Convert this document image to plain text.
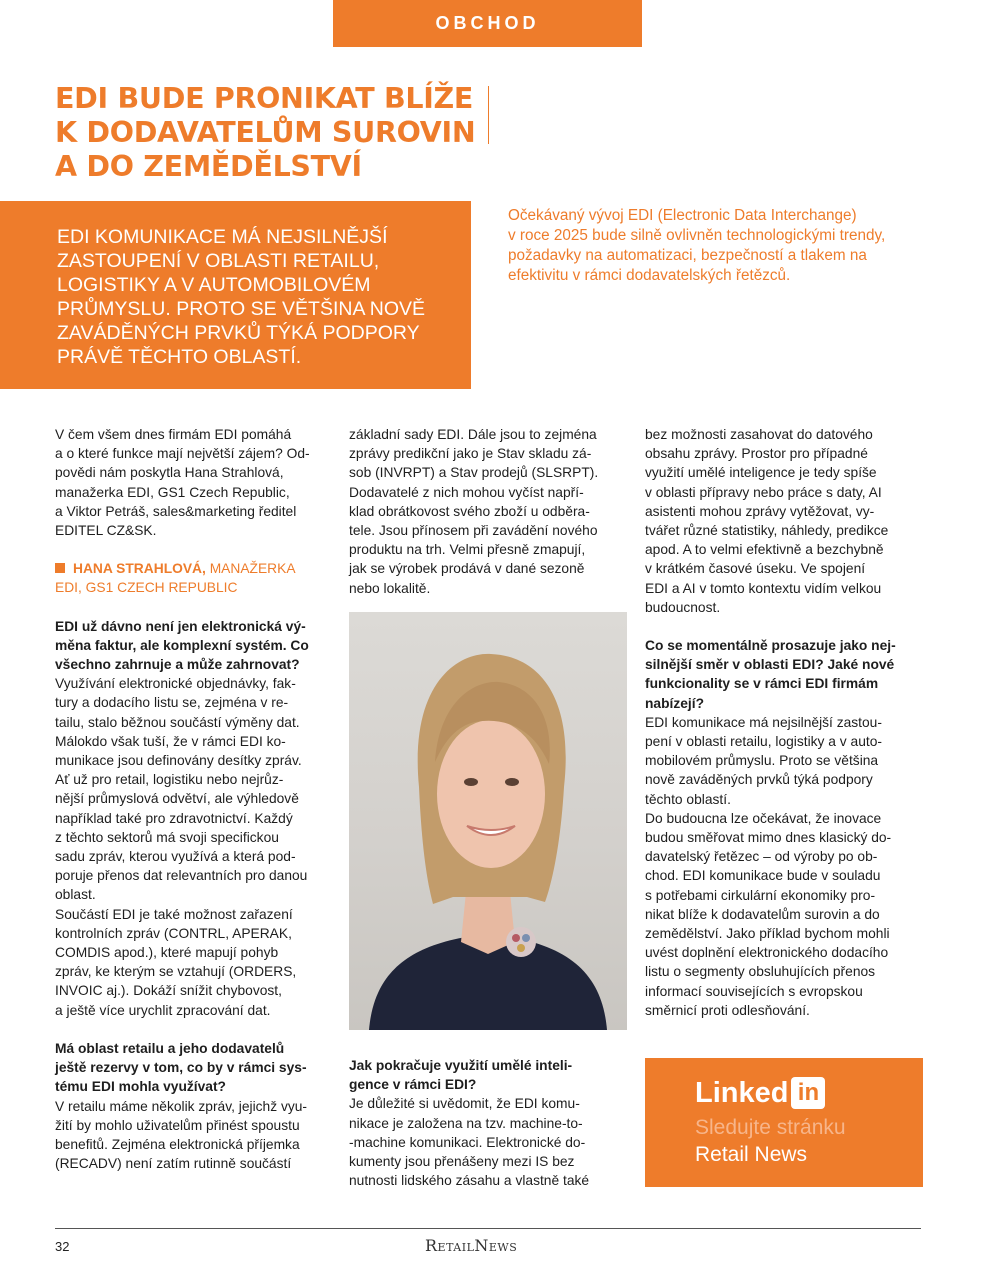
OBCHOD
EDI BUDE PRONIKAT BLÍŽE
K DODAVATELŮM SUROVIN
A DO ZEMĚDĚLSTVÍ
EDI KOMUNIKACE MÁ NEJSILNĚJŠÍ
ZASTOUPENÍ V OBLASTI RETAILU,
LOGISTIKY A V AUTOMOBILOVÉM
PRŮMYSLU. PROTO SE VĚTŠINA NOVĚ
ZAVÁDĚNÝCH PRVKŮ TÝKÁ PODPORY
PRÁVĚ TĚCHTO OBLASTÍ.
Očekávaný vývoj EDI (Electronic Data Interchange)
v roce 2025 bude silně ovlivněn technologickými trendy,
požadavky na automatizaci, bezpečností a tlakem na
efektivitu v rámci dodavatelských řetězců.
V čem všem dnes firmám EDI pomáhá
a o které funkce mají největší zájem? Od-
povědi nám poskytla Hana Strahlová,
manažerka EDI, GS1 Czech Republic,
a Viktor Petráš, sales&marketing ředitel
EDITEL CZ&SK.
HANA STRAHLOVÁ, MANAŽERKA
EDI, GS1 CZECH REPUBLIC
EDI už dávno není jen elektronická vý-
měna faktur, ale komplexní systém. Co
všechno zahrnuje a může zahrnovat?
Využívání elektronické objednávky, fak-
tury a dodacího listu se, zejména v re-
tailu, stalo běžnou součástí výměny dat.
Málokdo však tuší, že v rámci EDI ko-
munikace jsou definovány desítky zpráv.
Ať už pro retail, logistiku nebo nejrůz-
nější průmyslová odvětví, ale výhledově
například také pro zdravotnictví. Každý
z těchto sektorů má svoji specifickou
sadu zpráv, kterou využívá a která pod-
poruje přenos dat relevantních pro danou
oblast.
Součástí EDI je také možnost zařazení
kontrolních zpráv (CONTRL, APERAK,
COMDIS apod.), které mapují pohyb
zpráv, ke kterým se vztahují (ORDERS,
INVOIC aj.). Dokáží snížit chybovost,
a ještě více urychlit zpracování dat.
Má oblast retailu a jeho dodavatelů
ještě rezervy v tom, co by v rámci sys-
tému EDI mohla využívat?
V retailu máme několik zpráv, jejichž vyu-
žití by mohlo uživatelům přinést spoustu
benefitů. Zejména elektronická příjemka
(RECADV) není zatím rutinně součástí
základní sady EDI. Dále jsou to zejména
zprávy predikční jako je Stav skladu zá-
sob (INVRPT) a Stav prodejů (SLSRPT).
Dodavatelé z nich mohou vyčíst napří-
klad obrátkovost svého zboží u odběra-
tele. Jsou přínosem při zavádění nového
produktu na trh. Velmi přesně zmapují,
jak se výrobek prodává v dané sezoně
nebo lokalitě.
Jak pokračuje využití umělé inteli-
gence v rámci EDI?
Je důležité si uvědomit, že EDI komu-
nikace je založena na tzv. machine-to-
-machine komunikaci. Elektronické do-
kumenty jsou přenášeny mezi IS bez
nutnosti lidského zásahu a vlastně také
bez možnosti zasahovat do datového
obsahu zprávy. Prostor pro případné
využití umělé inteligence je tedy spíše
v oblasti přípravy nebo práce s daty, AI
asistenti mohou zprávy vytěžovat, vy-
tvářet různé statistiky, náhledy, predikce
apod. A to velmi efektivně a bezchybně
v krátkém časové úseku. Ve spojení
EDI a AI v tomto kontextu vidím velkou
budoucnost.
Co se momentálně prosazuje jako nej-
silnější směr v oblasti EDI? Jaké nové
funkcionality se v rámci EDI firmám
nabízejí?
EDI komunikace má nejsilnější zastou-
pení v oblasti retailu, logistiky a v auto-
mobilovém průmyslu. Proto se většina
nově zaváděných prvků týká podpory
těchto oblastí.
Do budoucna lze očekávat, že inovace
budou směřovat mimo dnes klasický do-
davatelský řetězec – od výroby po ob-
chod. EDI komunikace bude v souladu
s potřebami cirkulární ekonomiky pro-
nikat blíže k dodavatelům surovin a do
zemědělství. Jako příklad bychom mohli
uvést doplnění elektronického dodacího
listu o segmenty obsluhujících přenos
informací souvisejících s evropskou
směrnicí proti odlesňování.
Linked in
Sledujte stránku
Retail News
32	RetailNews
